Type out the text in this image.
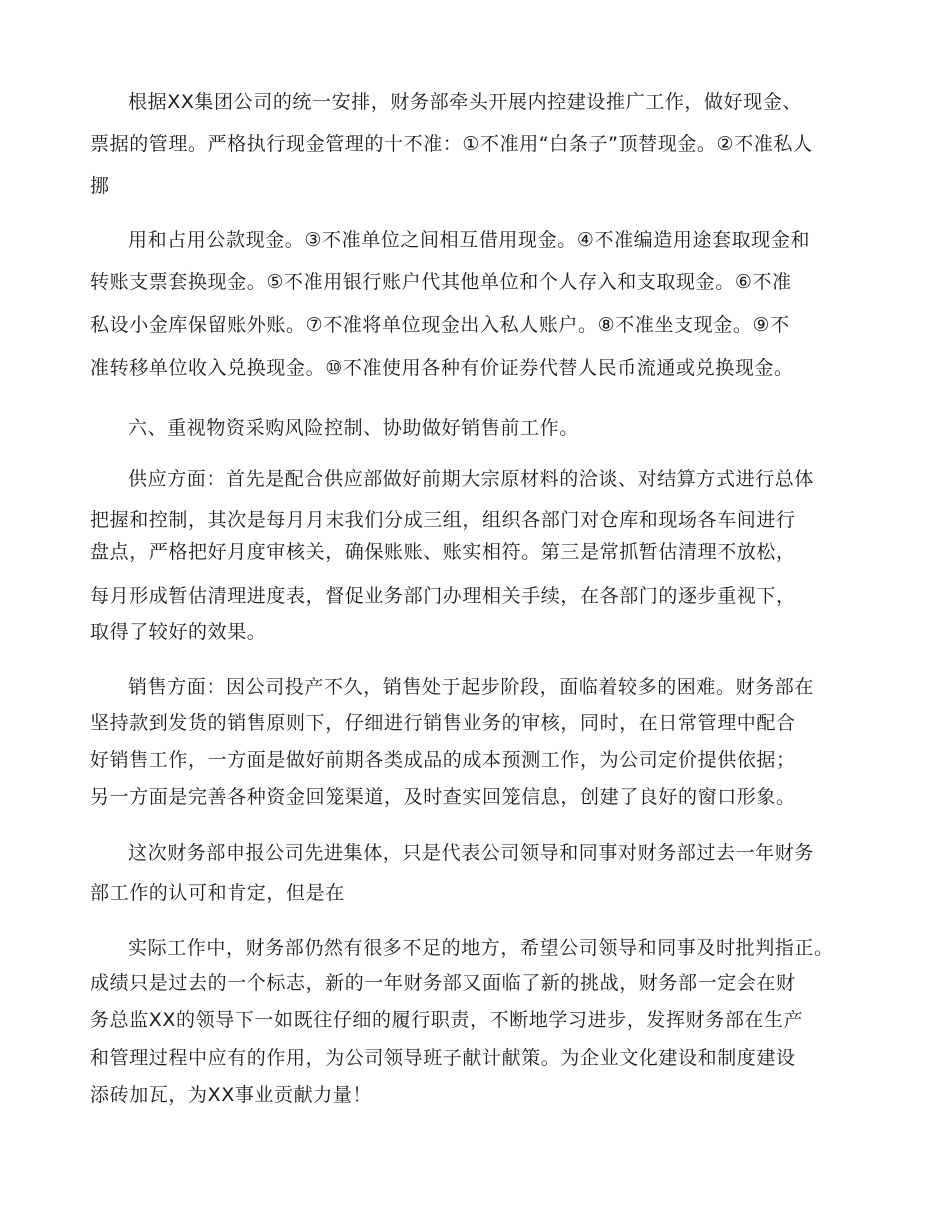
根据XX集团公司的统一安排，财务部牵头开展内控建设推广工作，做好现金、
票据的管理。严格执行现金管理的十不准：①不准用“白条子”顶替现金。②不准私人
挪
用和占用公款现金。③不准单位之间相互借用现金。④不准编造用途套取现金和
转账支票套换现金。⑤不准用银行账户代其他单位和个人存入和支取现金。⑥不准
私设小金库保留账外账。⑦不准将单位现金出入私人账户。⑧不准坐支现金。⑨不
准转移单位收入兑换现金。⑩不准使用各种有价证券代替人民币流通或兑换现金。
六、重视物资采购风险控制、协助做好销售前工作。
供应方面：首先是配合供应部做好前期大宗原材料的洽谈、对结算方式进行总体
把握和控制，其次是每月月末我们分成三组，组织各部门对仓库和现场各车间进行
盘点，严格把好月度审核关，确保账账、账实相符。第三是常抓暂估清理不放松，
每月形成暂估清理进度表，督促业务部门办理相关手续，在各部门的逐步重视下，
取得了较好的效果。
销售方面：因公司投产不久，销售处于起步阶段，面临着较多的困难。财务部在
坚持款到发货的销售原则下，仔细进行销售业务的审核，同时，在日常管理中配合
好销售工作，一方面是做好前期各类成品的成本预测工作，为公司定价提供依据；
另一方面是完善各种资金回笼渠道，及时查实回笼信息，创建了良好的窗口形象。
这次财务部申报公司先进集体，只是代表公司领导和同事对财务部过去一年财务
部工作的认可和肯定，但是在
实际工作中，财务部仍然有很多不足的地方，希望公司领导和同事及时批判指正。
成绩只是过去的一个标志，新的一年财务部又面临了新的挑战，财务部一定会在财
务总监XX的领导下一如既往仔细的履行职责，不断地学习进步，发挥财务部在生产
和管理过程中应有的作用，为公司领导班子献计献策。为企业文化建设和制度建设
添砖加瓦，为XX事业贡献力量！
